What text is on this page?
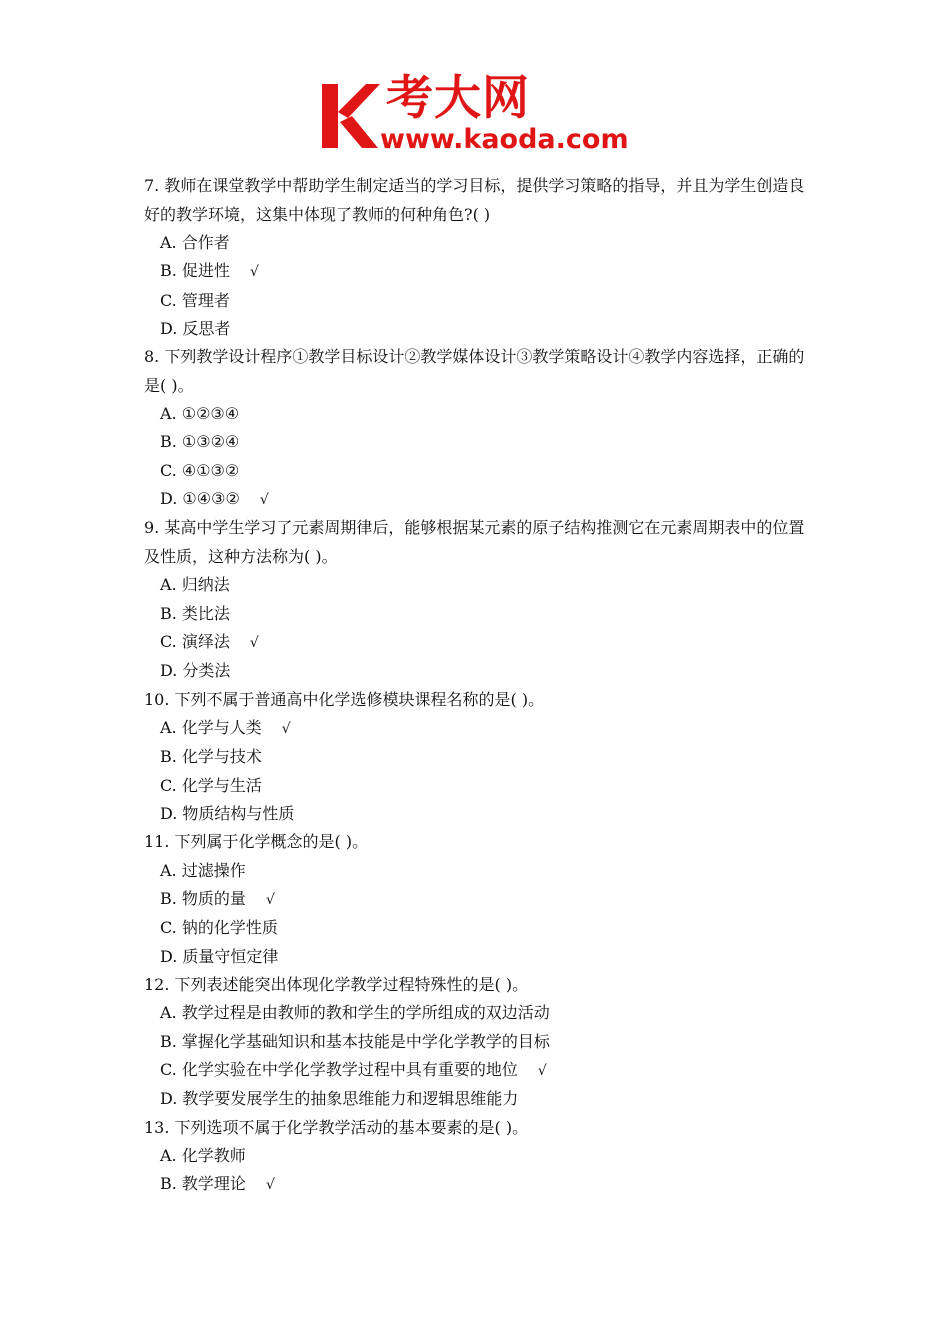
考大网
www.kaoda.com

7. 教师在课堂教学中帮助学生制定适当的学习目标，提供学习策略的指导，并且为学生创造良好的教学环境，这集中体现了教师的何种角色?( )

A. 合作者
B. 促进性 √
C. 管理者
D. 反思者

8. 下列教学设计程序①教学目标设计②教学媒体设计③教学策略设计④教学内容选择，正确的是( )。

A. ①②③④
B. ①③②④
C. ④①③②
D. ①④③② √

9. 某高中学生学习了元素周期律后，能够根据某元素的原子结构推测它在元素周期表中的位置及性质，这种方法称为( )。

A. 归纳法
B. 类比法
C. 演绎法 √
D. 分类法

10. 下列不属于普通高中化学选修模块课程名称的是( )。

A. 化学与人类 √
B. 化学与技术
C. 化学与生活
D. 物质结构与性质

11. 下列属于化学概念的是( )。

A. 过滤操作
B. 物质的量 √
C. 钠的化学性质
D. 质量守恒定律

12. 下列表述能突出体现化学教学过程特殊性的是( )。

A. 教学过程是由教师的教和学生的学所组成的双边活动
B. 掌握化学基础知识和基本技能是中学化学教学的目标
C. 化学实验在中学化学教学过程中具有重要的地位 √
D. 教学要发展学生的抽象思维能力和逻辑思维能力

13. 下列选项不属于化学教学活动的基本要素的是( )。

A. 化学教师
B. 教学理论 √
